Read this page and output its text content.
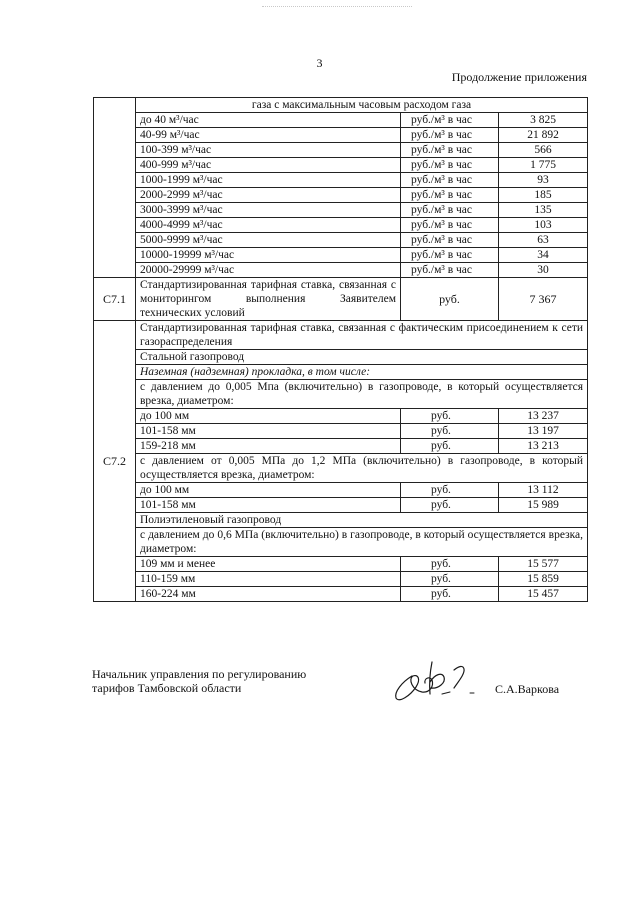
3
Продолжение приложения
	газа с максимальным часовым расходом газа		
	до 40 м³/час	руб./м³ в час	3 825
	40-99 м³/час	руб./м³ в час	21 892
	100-399 м³/час	руб./м³ в час	566
	400-999 м³/час	руб./м³ в час	1 775
	1000-1999 м³/час	руб./м³ в час	93
	2000-2999 м³/час	руб./м³ в час	185
	3000-3999 м³/час	руб./м³ в час	135
	4000-4999 м³/час	руб./м³ в час	103
	5000-9999 м³/час	руб./м³ в час	63
	10000-19999 м³/час	руб./м³ в час	34
	20000-29999 м³/час	руб./м³ в час	30
С7.1	Стандартизированная тарифная ставка, связанная с мониторингом выполнения Заявителем технических условий	руб.	7 367
С7.2	Стандартизированная тарифная ставка, связанная с фактическим присоединением к сети газораспределения		
	Стальной газопровод		
	Наземная (надземная) прокладка, в том числе:		
	с давлением до 0,005 Мпа (включительно) в газопроводе, в который осуществляется врезка, диаметром:		
	до 100 мм	руб.	13 237
	101-158 мм	руб.	13 197
	159-218 мм	руб.	13 213
	с давлением от 0,005 МПа до 1,2 МПа (включительно) в газопроводе, в который осуществляется врезка, диаметром:		
	до 100 мм	руб.	13 112
	101-158 мм	руб.	15 989
	Полиэтиленовый газопровод		
	с давлением до 0,6 МПа (включительно) в газопроводе, в который осуществляется врезка, диаметром:		
	109 мм и менее	руб.	15 577
	110-159 мм	руб.	15 859
	160-224 мм	руб.	15 457
Начальник управления по регулированию
тарифов Тамбовской области	С.А.Варкова
